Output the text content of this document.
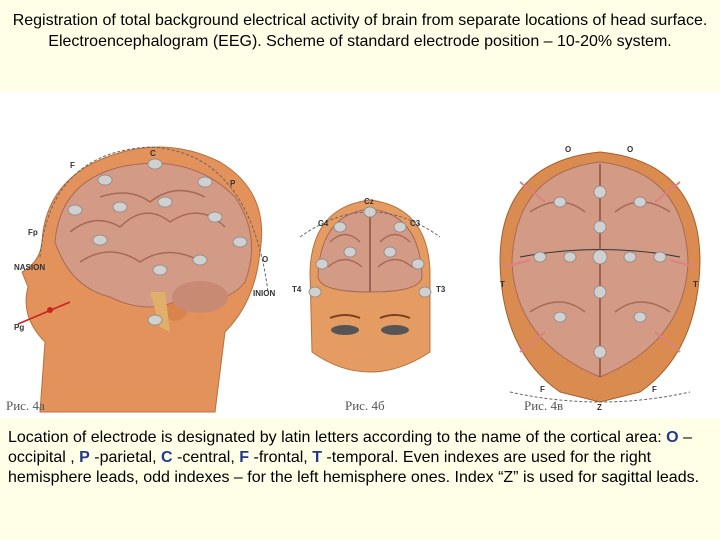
Registration of total background electrical activity of brain from separate locations of head surface. Electroencephalogram (EEG). Scheme of standard electrode position – 10-20% system.
F
C
P
Fp
NASION
O
INION
Pg
Cz
C4	C3
T4	T3
O	O
T	T
F	F
Z
Рис. 4а	Рис. 4б	Рис. 4в
Location of electrode is designated by latin letters according to the name of the cortical area: O –occipital , P -parietal, C -central, F -frontal, T -temporal. Even indexes are used for the right hemisphere leads, odd indexes – for the left hemisphere ones. Index “Z” is used for sagittal leads.
